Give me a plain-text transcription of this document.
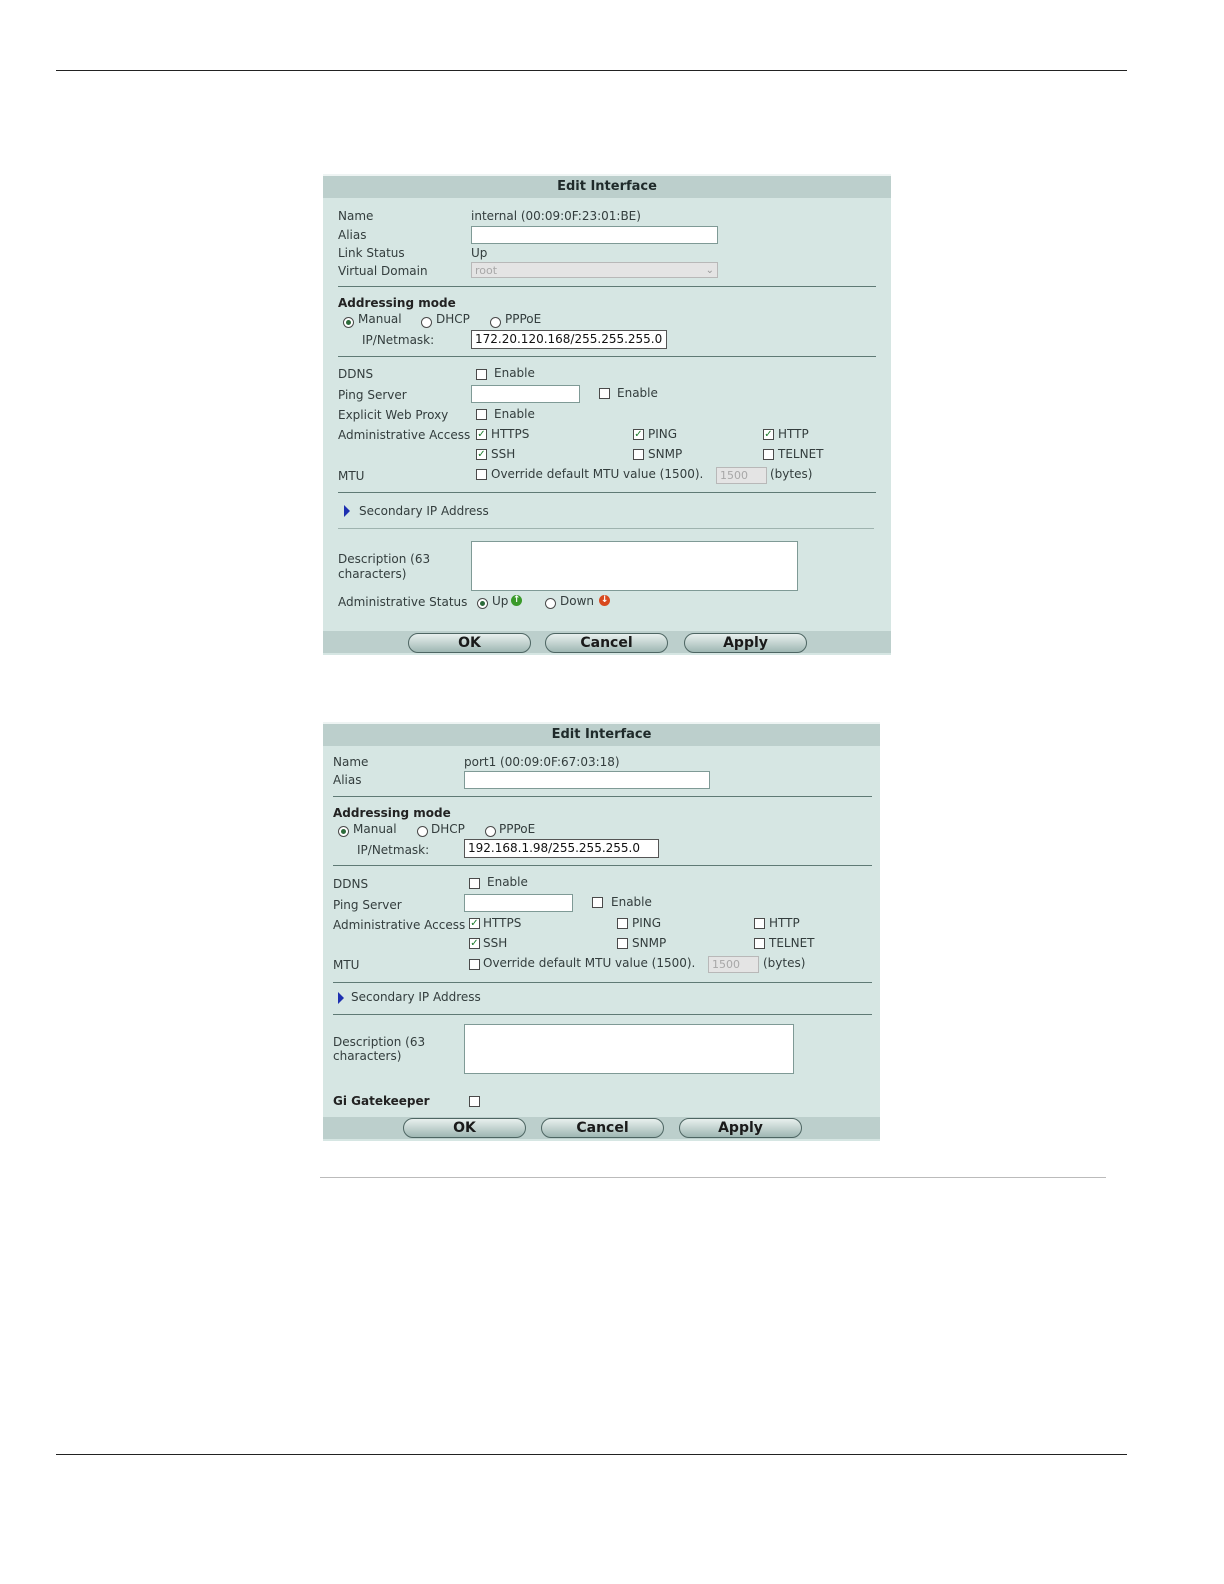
Edit Interface
Name	internal (00:09:0F:23:01:BE)
Alias
Link Status	Up
Virtual Domain	root	⌄
Addressing mode
Manual	DHCP	PPPoE
IP/Netmask:	172.20.120.168/255.255.255.0
DDNS	Enable
Ping Server	Enable
Explicit Web Proxy	Enable
Administrative Access ✓ HTTPS	✓ PING	✓ HTTP
✓ SSH	SNMP	TELNET
MTU	Override default MTU value (1500).	1500	(bytes)
Secondary IP Address
Description (63
characters)
Administrative Status Up ↑	Down ↓
OK	Cancel	Apply
Edit Interface
Name	port1 (00:09:0F:67:03:18)
Alias
Addressing mode
Manual	DHCP	PPPoE
IP/Netmask:	192.168.1.98/255.255.255.0
DDNS	Enable
Ping Server	Enable
Administrative Access ✓ HTTPS	PING	HTTP
✓ SSH	SNMP	TELNET
MTU	Override default MTU value (1500).	1500	(bytes)
Secondary IP Address
Description (63
characters)
Gi Gatekeeper
OK	Cancel	Apply
